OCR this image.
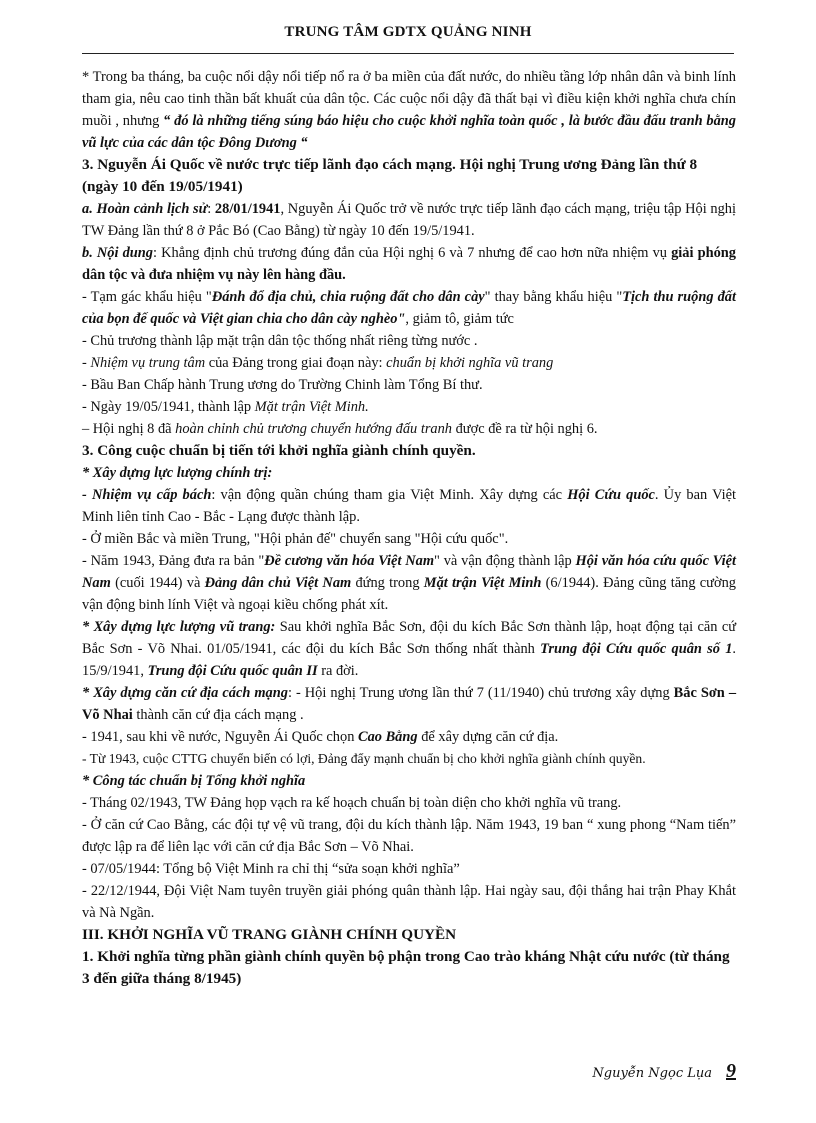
TRUNG TÂM GDTX QUẢNG NINH

* Trong ba tháng, ba cuộc nổi dậy nổi tiếp nổ ra ở ba miền của đất nước, do nhiều tầng lớp nhân dân và binh lính tham gia, nêu cao tinh thần bất khuất của dân tộc. Các cuộc nổi dậy đã thất bại vì điều kiện khởi nghĩa chưa chín muồi , nhưng “ đó là những tiếng súng báo hiệu cho cuộc khởi nghĩa toàn quốc , là bước đầu đấu tranh bằng vũ lực của các dân tộc Đông Dương “

3. Nguyễn Ái Quốc về nước trực tiếp lãnh đạo cách mạng. Hội nghị Trung ương Đảng lần thứ 8 (ngày 10 đến 19/05/1941)

a. Hoàn cảnh lịch sử: 28/01/1941, Nguyễn Ái Quốc trở về nước trực tiếp lãnh đạo cách mạng, triệu tập Hội nghị TW Đảng lần thứ 8 ở Pắc Bó (Cao Bằng) từ ngày 10 đến 19/5/1941.

b. Nội dung: Khẳng định chủ trương đúng đắn của Hội nghị 6 và 7 nhưng để cao hơn nữa nhiệm vụ giải phóng dân tộc và đưa nhiệm vụ này lên hàng đầu.

- Tạm gác khẩu hiệu "Đánh đổ địa chủ, chia ruộng đất cho dân cày" thay bằng khẩu hiệu "Tịch thu ruộng đất của bọn đế quốc và Việt gian chia cho dân cày nghèo", giảm tô, giảm tức

- Chủ trương thành lập mặt trận dân tộc thống nhất riêng từng nước .

- Nhiệm vụ trung tâm của Đảng trong giai đoạn này: chuẩn bị khởi nghĩa vũ trang

- Bầu Ban Chấp hành Trung ương do Trường Chinh làm Tổng Bí thư.

- Ngày 19/05/1941, thành lập Mặt trận Việt Minh.

– Hội nghị 8 đã hoàn chỉnh chủ trương chuyển hướng đấu tranh được đề ra từ hội nghị 6.

3. Công cuộc chuẩn bị tiến tới khởi nghĩa giành chính quyền.

* Xây dựng lực lượng chính trị:

- Nhiệm vụ cấp bách: vận động quần chúng tham gia Việt Minh. Xây dựng các Hội Cứu quốc. Ủy ban Việt Minh liên tỉnh Cao - Bắc - Lạng được thành lập.

- Ở miền Bắc và miền Trung, "Hội phản đế" chuyển sang "Hội cứu quốc".

- Năm 1943, Đảng đưa ra bản "Đề cương văn hóa Việt Nam" và vận động thành lập Hội văn hóa cứu quốc Việt Nam (cuối 1944) và Đảng dân chủ Việt Nam đứng trong Mặt trận Việt Minh (6/1944). Đảng cũng tăng cường vận động binh lính Việt và ngoại kiều chống phát xít.

* Xây dựng lực lượng vũ trang: Sau khởi nghĩa Bắc Sơn, đội du kích Bắc Sơn thành lập, hoạt động tại căn cứ Bắc Sơn - Võ Nhai. 01/05/1941, các đội du kích Bắc Sơn thống nhất thành Trung đội Cứu quốc quân số 1. 15/9/1941, Trung đội Cứu quốc quân II ra đời.

* Xây dựng căn cứ địa cách mạng: - Hội nghị Trung ương lần thứ 7 (11/1940) chủ trương xây dựng Bắc Sơn – Võ Nhai thành căn cứ địa cách mạng .

- 1941, sau khi về nước, Nguyễn Ái Quốc chọn Cao Bằng để xây dựng căn cứ địa.

- Từ 1943, cuộc CTTG chuyển biến có lợi, Đảng đẩy mạnh chuẩn bị cho khởi nghĩa giành chính quyền.

* Công tác chuẩn bị Tổng khởi nghĩa

- Tháng 02/1943, TW Đảng họp vạch ra kế hoạch chuẩn bị toàn diện cho khởi nghĩa vũ trang.

- Ở căn cứ Cao Bằng, các đội tự vệ vũ trang, đội du kích thành lập. Năm 1943, 19 ban “ xung phong “Nam tiến” được lập ra để liên lạc với căn cứ địa Bắc Sơn – Võ Nhai.

- 07/05/1944: Tổng bộ Việt Minh ra chỉ thị “sửa soạn khởi nghĩa”

- 22/12/1944, Đội Việt Nam tuyên truyền giải phóng quân thành lập. Hai ngày sau, đội thắng hai trận Phay Khắt và Nà Ngần.

III. KHỞI NGHĨA VŨ TRANG GIÀNH CHÍNH QUYỀN

1. Khởi nghĩa từng phần giành chính quyền bộ phận trong Cao trào kháng Nhật cứu nước (từ tháng 3 đến giữa tháng 8/1945)

Nguyễn Ngọc Lụa 9
